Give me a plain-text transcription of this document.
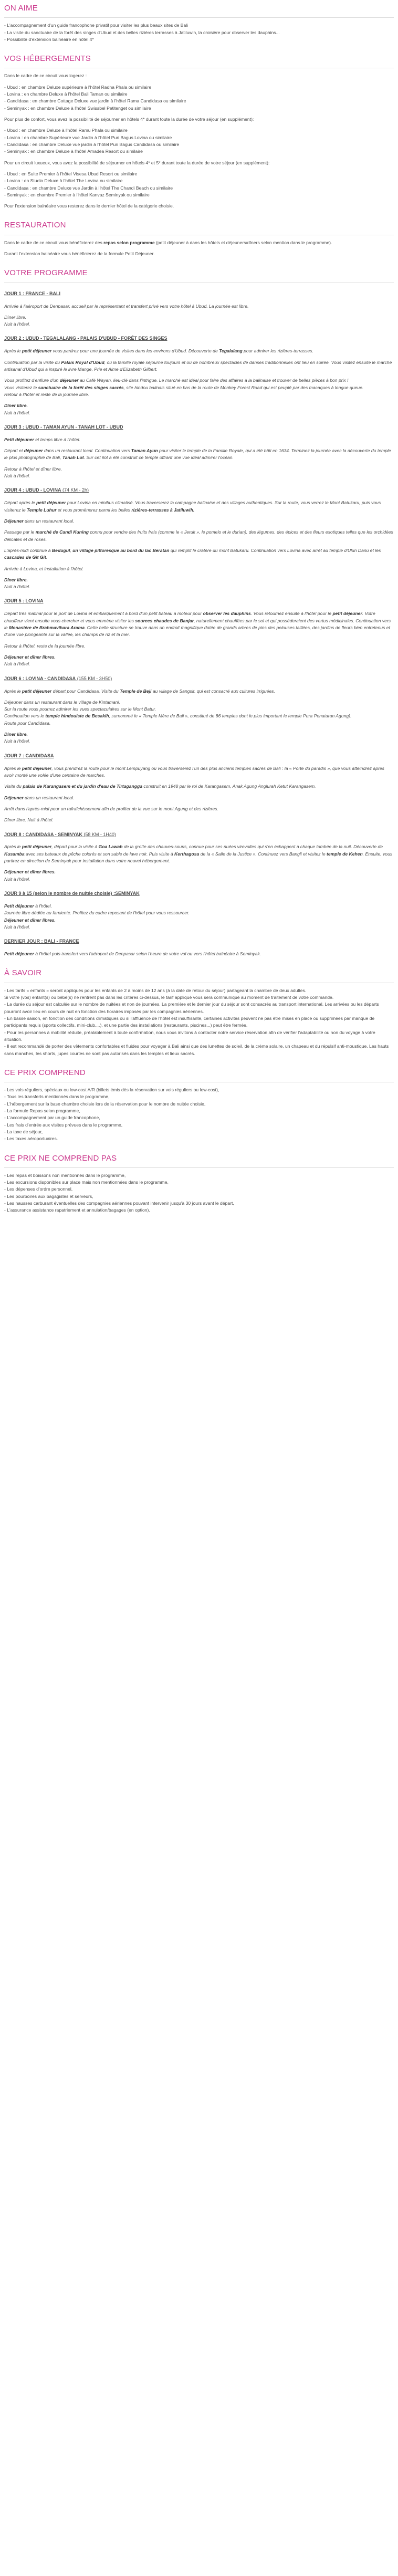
ON AIME
- L'accompagnement d'un guide francophone privatif pour visiter les plus beaux sites de Bali
- La visite du sanctuaire de la forêt des singes d'Ubud et des belles rizières terrasses à Jatiluwih, la croisière pour observer les dauphins...
- Possibilité d'extension balnéaire en hôtel 4*
VOS HÉBERGEMENTS

Dans le cadre de ce circuit vous logerez :

- Ubud : en chambre Deluxe supérieure à l'hôtel Radha Phala ou similaire
- Lovina : en chambre Deluxe à l'hôtel Bali Taman ou similaire
- Candidasa : en chambre Cottage Deluxe vue jardin à l'hôtel Rama Candidasa ou similaire
- Seminyak : en chambre Deluxe à l'hôtel Swissbel Petitenget ou similaire

Pour plus de confort, vous avez la possibilité de séjourner en hôtels 4* durant toute la durée de votre séjour (en supplément):

- Ubud : en chambre Deluxe à l'hôtel Ramu Phala ou similaire
- Lovina : en chambre Supérieure vue Jardin à l'hôtel Puri Bagus Lovina ou similaire
- Candidasa : en chambre Deluxe vue jardin à l'hôtel Puri Bagus Candidasa ou similaire
- Seminyak : en chambre Deluxe à l'hôtel Amadea Resort ou similaire

Pour un circuit luxueux, vous avez la possibilité de séjourner en hôtels 4* et 5* durant toute la durée de votre séjour (en supplément):

- Ubud : en Suite Premier à l'hôtel Visesa Ubud Resort ou similaire
- Lovina : en Studio Deluxe à l'hôtel The Lovina ou similaire
- Candidasa : en chambre Deluxe vue Jardin à l'hôtel The Chandi Beach ou similaire
- Seminyak : en chambre Premier à l'hôtel Kanvaz Seminyak ou similaire

Pour l'extension balnéaire vous resterez dans le dernier hôtel de la catégorie choisie.

RESTAURATION

Dans le cadre de ce circuit vous bénéficierez des repas selon programme (petit déjeuner à dans les hôtels et déjeuners/dîners selon mention dans le programme).

Durant l'extension balnéaire vous bénéficierez de la formule Petit Déjeuner.

VOTRE PROGRAMME
JOUR 1 : FRANCE - BALI

Arrivée à l'aéroport de Denpasar, accueil par le représentant et transfert privé vers votre hôtel à Ubud. La journée est libre.

Dîner libre.
Nuit à l'hôtel.

JOUR 2 : UBUD - TEGALALANG - PALAIS D'UBUD - FORÊT DES SINGES

Après le petit déjeuner vous partirez pour une journée de visites dans les environs d'Ubud. Découverte de Tegalalang pour admirer les rizières-terrasses.

Continuation par la visite du Palais Royal d'Ubud, où la famille royale séjourne toujours et où de nombreux spectacles de danses traditionnelles ont lieu en soirée. Vous visitez ensuite le marché artisanal d'Ubud qui a inspiré le livre Mange, Prie et Aime d'Elizabeth Gilbert.

Vous profitez d'enfiure d'un déjeuner au Café Wayan, lieu-clé dans l'intrigue. Le marché est idéal pour faire des affaires à la balinaise et trouver de belles pièces à bon prix !
Vous visiterez le sanctuaire de la forêt des singes sacrés, site hindou balinais situé en bas de la route de Monkey Forest Road qui est peuplé par des macaques à longue queue.
Retour à l'hôtel et reste de la journée libre.

Dîner libre.
Nuit à l'hôtel.

JOUR 3 : UBUD - TAMAN AYUN - TANAH LOT - UBUD

Petit déjeuner et temps libre à l'hôtel.

Départ et déjeuner dans un restaurant local. Continuation vers Taman Ayun pour visiter le temple de la Famille Royale, qui a été bâti en 1634. Terminez la journée avec la découverte du temple le plus photographié de Bali, Tanah Lot. Sur cet îlot a été construit ce temple offrant une vue idéal admirer l'océan.

Retour à l'hôtel et dîner libre.
Nuit à l'hôtel.

JOUR 4 : UBUD - LOVINA (74 KM - 2h)

Départ après le petit déjeuner pour Lovina en minibus climatisé. Vous traverserez la campagne balinaise et des villages authentiques. Sur la route, vous verrez le Mont Batukaru, puis vous visiterez le Temple Luhur et vous promènerez parmi les belles rizières-terrasses à Jatiluwih.

Déjeuner dans un restaurant local.

Passage par le marché de Candi Kuning connu pour vendre des fruits frais (comme le « Jeruk », le pomelo et le durian), des légumes, des épices et des fleurs exotiques telles que les orchidées délicates et de roses.

L'après-midi continue à Bedugul, un village pittoresque au bord du lac Beratan qui remplit le cratère du mont Batukaru. Continuation vers Lovina avec arrêt au temple d'Ulun Danu et les cascades de Git Git.

Arrivée à Lovina, et installation à l'hôtel.

Dîner libre.
Nuit à l'hôtel.

JOUR 5 : LOVINA

Départ très matinal pour le port de Lovina et embarquement à bord d'un petit bateau à moteur pour observer les dauphins. Vous retournez ensuite à l'hôtel pour le petit déjeuner. Votre chauffeur vient ensuite vous chercher et vous emmène visiter les sources chaudes de Banjar, naturellement chauffées par le sol et qui posséderaient des vertus médicinales. Continuation vers le Monastère de Brahmavihara Arama. Cette belle structure se trouve dans un endroit magnifique dotée de grands arbres de pins des pelouses taillées, des jardins de fleurs bien entretenus et d'une vue plongeante sur la vallée, les champs de riz et la mer.

Retour à l'hôtel, reste de la journée libre.

Déjeuner et dîner libres.
Nuit à l'hôtel.

JOUR 6 : LOVINA - CANDIDASA (155 KM - 3H50)

Après le petit déjeuner départ pour Candidasa. Visite du Temple de Beji au village de Sangsit, qui est consacré aux cultures irriguées.

Déjeuner dans un restaurant dans le village de Kintamani.
Sur la route vous pourrez admirer les vues spectaculaires sur le Mont Batur.
Continuation vers le temple hindouiste de Besakih, surnommé le « Temple Mère de Bali », constitué de 86 temples dont le plus important le temple Pura Penataran Agung).
Route pour Candidasa.

Dîner libre.
Nuit à l'hôtel.

JOUR 7 : CANDIDASA

Après le petit déjeuner, vous prendrez la route pour le mont Lempuyang où vous traverserez l'un des plus anciens temples sacrés de Bali : la « Porte du paradis », que vous atteindrez après avoir monté une volée d'une centaine de marches.

Visite du palais de Karangasem et du jardin d'eau de Tirtagangga construit en 1948 par le roi de Karangasem, Anak Agung Anglurah Ketut Karangasem.

Déjeuner dans un restaurant local.

Arrêt dans l'après-midi pour un rafraîchissement afin de profiter de la vue sur le mont Agung et des rizières.

Dîner libre. Nuit à l'hôtel.

JOUR 8 : CANDIDASA - SEMINYAK (58 KM - 1H40)

Après le petit déjeuner, départ pour la visite à Goa Lawah de la grotte des chauves-souris, connue pour ses nuées virevoltes qui s'en échappent à chaque tombée de la nuit. Découverte de Kusamba avec ses bateaux de pêche colorés et son sable de lave noir. Puis visite à Kerthagosa de la « Salle de la Justice ». Continuez vers Bangli et visitez le temple de Kehen. Ensuite, vous partirez en direction de Seminyak pour installation dans votre nouvel hébergement.

Déjeuner et dîner libres.
Nuit à l'hôtel.

JOUR 9 à 15 (selon le nombre de nuitée choisie) :SEMINYAK

Petit déjeuner à l'hôtel.
Journée libre dédiée au farniente. Profitez du cadre reposant de l'hôtel pour vous ressourcer.
Déjeuner et dîner libres.
Nuit à l'hôtel.

DERNIER JOUR : BALI - FRANCE

Petit déjeuner à l'hôtel puis transfert vers l'aéroport de Denpasar selon l'heure de votre vol ou vers l'hôtel balnéaire à Seminyak.

À SAVOIR
- Les tarifs « enfants » seront appliqués pour les enfants de 2 à moins de 12 ans (à la date de retour du séjour) partageant la chambre de deux adultes.
Si votre (vos) enfant(s) ou bébé(s) ne rentrent pas dans les critères ci-dessus, le tarif appliqué vous sera communiqué au moment de traitement de votre commande.
- La durée du séjour est calculée sur le nombre de nuitées et non de journées. La première et le dernier jour du séjour sont consacrés au transport international. Les arrivées ou les départs pourront avoir lieu en cours de nuit en fonction des horaires imposés par les compagnies aériennes.
- En basse saison, en fonction des conditions climatiques ou si l'affluence de l'hôtel est insuffisante, certaines activités peuvent ne pas être mises en place ou supprimées par manque de participants requis (sports collectifs, mini-club,...), et une partie des installations (restaurants, piscines...) peut être fermée.
- Pour les personnes à mobilité réduite, préalablement à toute confirmation, nous vous invitons à contacter notre service réservation afin de vérifier l'adaptabilité ou non du voyage à votre situation.
- Il est recommandé de porter des vêtements confortables et fluides pour voyager à Bali ainsi que des lunettes de soleil, de la crème solaire, un chapeau et du répulsif anti-moustique. Les hauts sans manches, les shorts, jupes courtes ne sont pas autorisés dans les temples et lieux sacrés.
CE PRIX COMPREND
- Les vols réguliers, spéciaux ou low-cost A/R (billets émis dès la réservation sur vols réguliers ou low-cost),
- Tous les transferts mentionnés dans le programme,
- L'hébergement sur la base chambre choisie lors de la réservation pour le nombre de nuitée choisie,
- La formule Repas selon programme,
- L'accompagnement par un guide francophone,
- Les frais d'entrée aux visites prévues dans le programme,
- La taxe de séjour,
- Les taxes aéroportuaires.
CE PRIX NE COMPREND PAS
- Les repas et boissons non mentionnés dans le programme,
- Les excursions disponibles sur place mais non mentionnées dans le programme,
- Les dépenses d'ordre personnel,
- Les pourboires aux bagagistes et serveurs,
- Les hausses carburant éventuelles des compagnies aériennes pouvant intervenir jusqu'à 30 jours avant le départ,
- L'assurance assistance rapatriement et annulation/bagages (en option).
